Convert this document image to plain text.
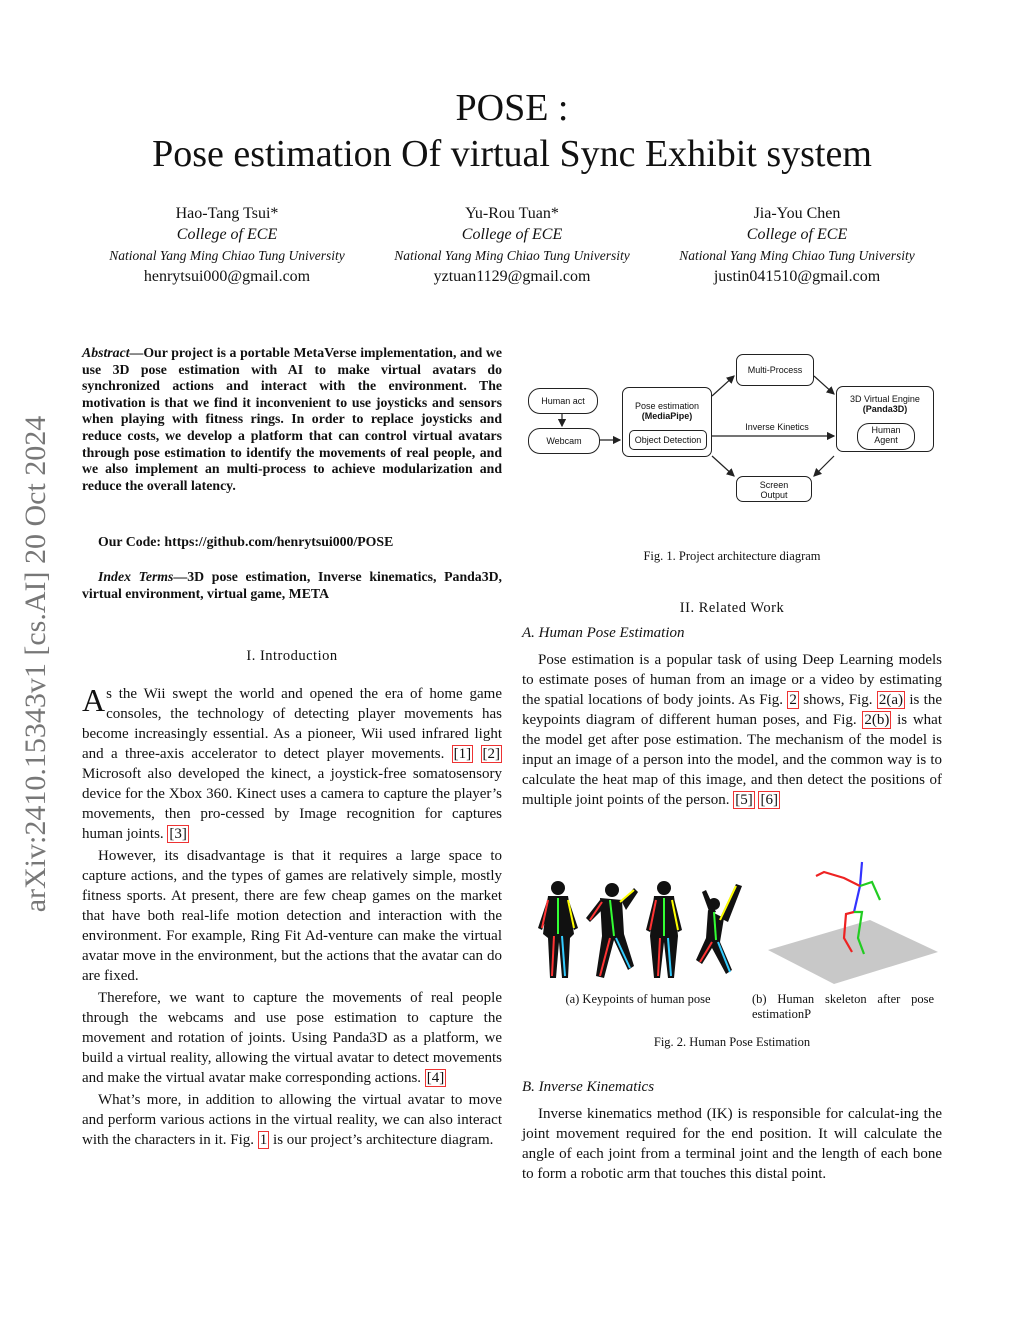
arXiv:2410.15343v1 [cs.AI] 20 Oct 2024
POSE :
Pose estimation Of virtual Sync Exhibit system
Hao-Tang Tsui*
College of ECE
National Yang Ming Chiao Tung University
henrytsui000@gmail.com
Yu-Rou Tuan*
College of ECE
National Yang Ming Chiao Tung University
yztuan1129@gmail.com
Jia-You Chen
College of ECE
National Yang Ming Chiao Tung University
justin041510@gmail.com

Abstract—Our project is a portable MetaVerse implementation, and we use 3D pose estimation with AI to make virtual avatars do synchronized actions and interact with the environment. The motivation is that we find it inconvenient to use joysticks and sensors when playing with fitness rings. In order to replace joysticks and reduce costs, we develop a platform that can control virtual avatars through pose estimation to identify the movements of real people, and we also implement an multi-process to achieve modularization and reduce the overall latency.

Our Code: https://github.com/henrytsui000/POSE

Index Terms—3D pose estimation, Inverse kinematics, Panda3D, virtual environment, virtual game, META

I. Introduction

As the Wii swept the world and opened the era of home game consoles, the technology of detecting player movements has become increasingly essential. As a pioneer, Wii used infrared light and a three-axis accelerator to detect player movements. [1] [2] Microsoft also developed the kinect, a joystick-free somatosensory device for the Xbox 360. Kinect uses a camera to capture the player’s movements, then pro-cessed by Image recognition for captures human joints. [3]

However, its disadvantage is that it requires a large space to capture actions, and the types of games are relatively simple, mostly fitness sports. At present, there are few cheap games on the market that have both real-life motion detection and interaction with the environment. For example, Ring Fit Ad-venture can make the virtual avatar move in the environment, but the actions that the avatar can do are fixed.

Therefore, we want to capture the movements of real people through the webcams and use pose estimation to capture the movement and rotation of joints. Using Panda3D as a platform, we build a virtual reality, allowing the virtual avatar to detect movements and make the virtual avatar make corresponding actions. [4]

What’s more, in addition to allowing the virtual avatar to move and perform various actions in the virtual reality, we can also interact with the characters in it. Fig. 1 is our project’s architecture diagram.

Human act
Webcam
Pose estimation
(MediaPipe)
Object Detection
Multi-Process
Inverse Kinetics
3D Virtual Engine
(Panda3D)
Human
Agent
Screen
Output
Fig. 1. Project architecture diagram
II. Related Work
A. Human Pose Estimation

Pose estimation is a popular task of using Deep Learning models to estimate poses of human from an image or a video by estimating the spatial locations of body joints. As Fig. 2 shows, Fig. 2(a) is the keypoints diagram of different human poses, and Fig. 2(b) is what the model get after pose estimation. The mechanism of the model is input an image of a person into the model, and the common way is to calculate the heat map of this image, and then detect the positions of multiple joint points of the person. [5] [6]

(a) Keypoints of human pose	(b) Human skeleton after pose estimationP
Fig. 2. Human Pose Estimation
B. Inverse Kinematics

Inverse kinematics method (IK) is responsible for calculat-ing the joint movement required for the end position. It will calculate the angle of each joint from a terminal joint and the length of each bone to form a robotic arm that touches this distal point.
